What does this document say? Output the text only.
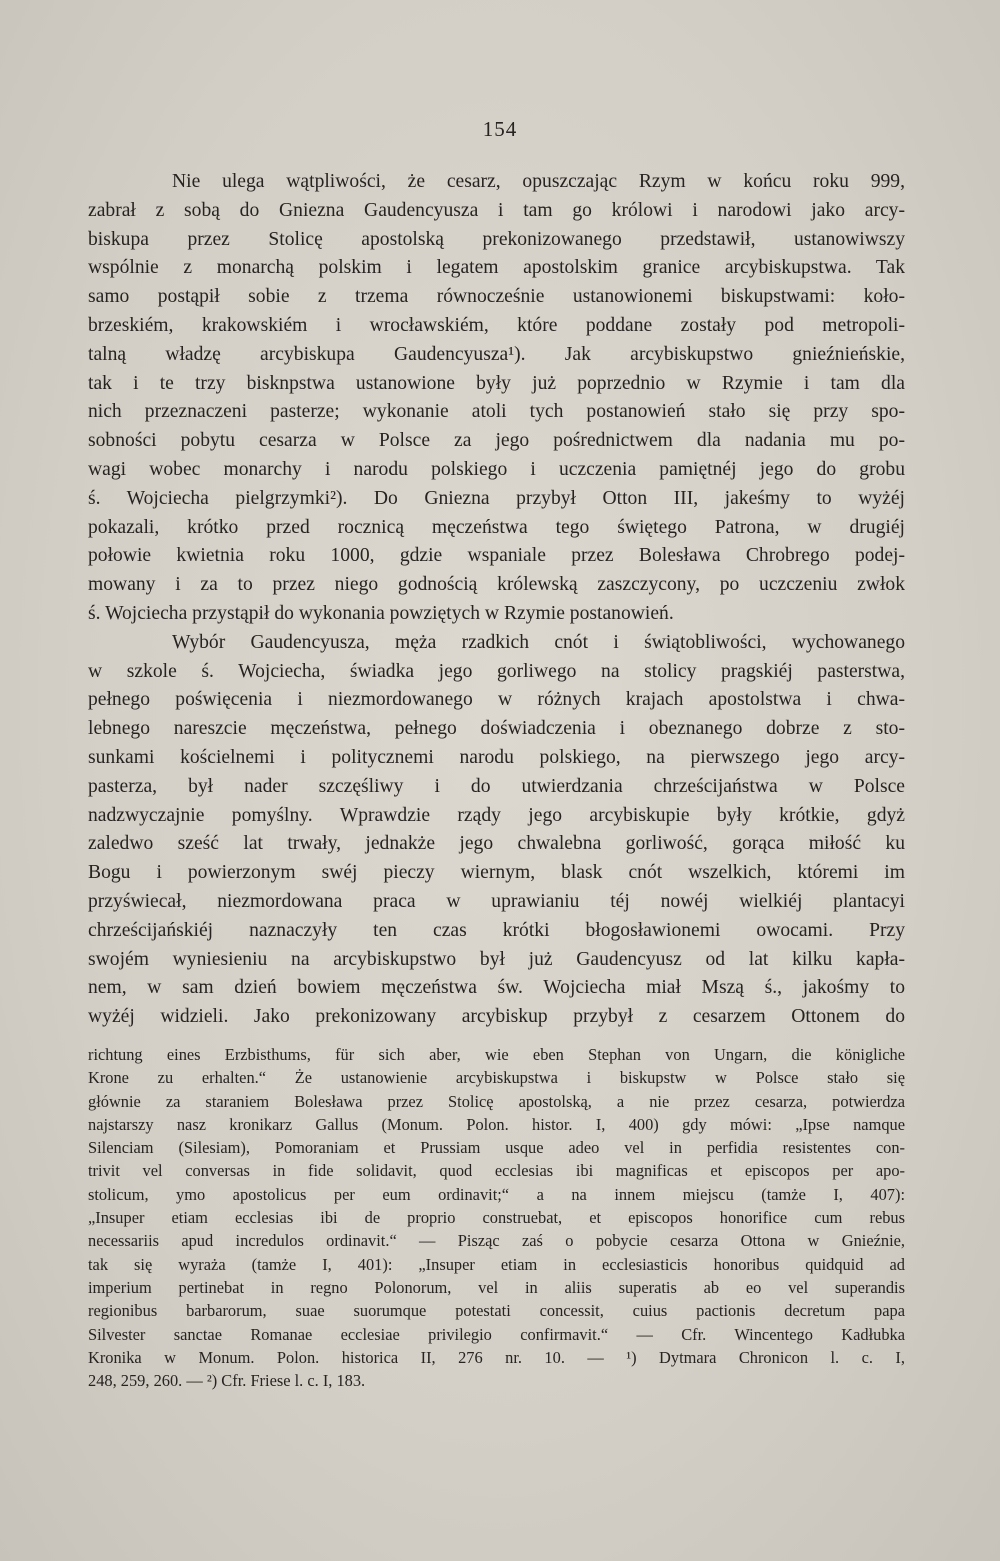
154
Nie ulega wątpliwości, że cesarz, opuszczając Rzym w końcu roku 999,
zabrał z sobą do Gniezna Gaudencyusza i tam go królowi i narodowi jako arcy-
biskupa przez Stolicę apostolską prekonizowanego przedstawił, ustanowiwszy
wspólnie z monarchą polskim i legatem apostolskim granice arcybiskupstwa. Tak
samo postąpił sobie z trzema równocześnie ustanowionemi biskupstwami: koło-
brzeskiém, krakowskiém i wrocławskiém, które poddane zostały pod metropoli-
talną władzę arcybiskupa Gaudencyusza¹). Jak arcybiskupstwo gnieźnieńskie,
tak i te trzy bisknpstwa ustanowione były już poprzednio w Rzymie i tam dla
nich przeznaczeni pasterze; wykonanie atoli tych postanowień stało się przy spo-
sobności pobytu cesarza w Polsce za jego pośrednictwem dla nadania mu po-
wagi wobec monarchy i narodu polskiego i uczczenia pamiętnéj jego do grobu
ś. Wojciecha pielgrzymki²). Do Gniezna przybył Otton III, jakeśmy to wyżéj
pokazali, krótko przed rocznicą męczeństwa tego świętego Patrona, w drugiéj
połowie kwietnia roku 1000, gdzie wspaniale przez Bolesława Chrobrego podej-
mowany i za to przez niego godnością królewską zaszczycony, po uczczeniu zwłok
ś. Wojciecha przystąpił do wykonania powziętych w Rzymie postanowień.
Wybór Gaudencyusza, męża rzadkich cnót i świątobliwości, wychowanego
w szkole ś. Wojciecha, świadka jego gorliwego na stolicy pragskiéj pasterstwa,
pełnego poświęcenia i niezmordowanego w różnych krajach apostolstwa i chwa-
lebnego nareszcie męczeństwa, pełnego doświadczenia i obeznanego dobrze z sto-
sunkami kościelnemi i politycznemi narodu polskiego, na pierwszego jego arcy-
pasterza, był nader szczęśliwy i do utwierdzania chrześcijaństwa w Polsce
nadzwyczajnie pomyślny. Wprawdzie rządy jego arcybiskupie były krótkie, gdyż
zaledwo sześć lat trwały, jednakże jego chwalebna gorliwość, gorąca miłość ku
Bogu i powierzonym swéj pieczy wiernym, blask cnót wszelkich, któremi im
przyświecał, niezmordowana praca w uprawianiu téj nowéj wielkiéj plantacyi
chrześcijańskiéj naznaczyły ten czas krótki błogosławionemi owocami. Przy
swojém wyniesieniu na arcybiskupstwo był już Gaudencyusz od lat kilku kapła-
nem, w sam dzień bowiem męczeństwa św. Wojciecha miał Mszą ś., jakośmy to
wyżéj widzieli. Jako prekonizowany arcybiskup przybył z cesarzem Ottonem do
richtung eines Erzbisthums, für sich aber, wie eben Stephan von Ungarn, die königliche
Krone zu erhalten.“ Że ustanowienie arcybiskupstwa i biskupstw w Polsce stało się
głównie za staraniem Bolesława przez Stolicę apostolską, a nie przez cesarza, potwierdza
najstarszy nasz kronikarz Gallus (Monum. Polon. histor. I, 400) gdy mówi: „Ipse namque
Silenciam (Silesiam), Pomoraniam et Prussiam usque adeo vel in perfidia resistentes con-
trivit vel conversas in fide solidavit, quod ecclesias ibi magnificas et episcopos per apo-
stolicum, ymo apostolicus per eum ordinavit;“ a na innem miejscu (tamże I, 407):
„Insuper etiam ecclesias ibi de proprio construebat, et episcopos honorifice cum rebus
necessariis apud incredulos ordinavit.“ — Pisząc zaś o pobycie cesarza Ottona w Gnieźnie,
tak się wyraża (tamże I, 401): „Insuper etiam in ecclesiasticis honoribus quidquid ad
imperium pertinebat in regno Polonorum, vel in aliis superatis ab eo vel superandis
regionibus barbarorum, suae suorumque potestati concessit, cuius pactionis decretum papa
Silvester sanctae Romanae ecclesiae privilegio confirmavit.“ — Cfr. Wincentego Kadłubka
Kronika w Monum. Polon. historica II, 276 nr. 10. — ¹) Dytmara Chronicon l. c. I,
248, 259, 260. — ²) Cfr. Friese l. c. I, 183.
